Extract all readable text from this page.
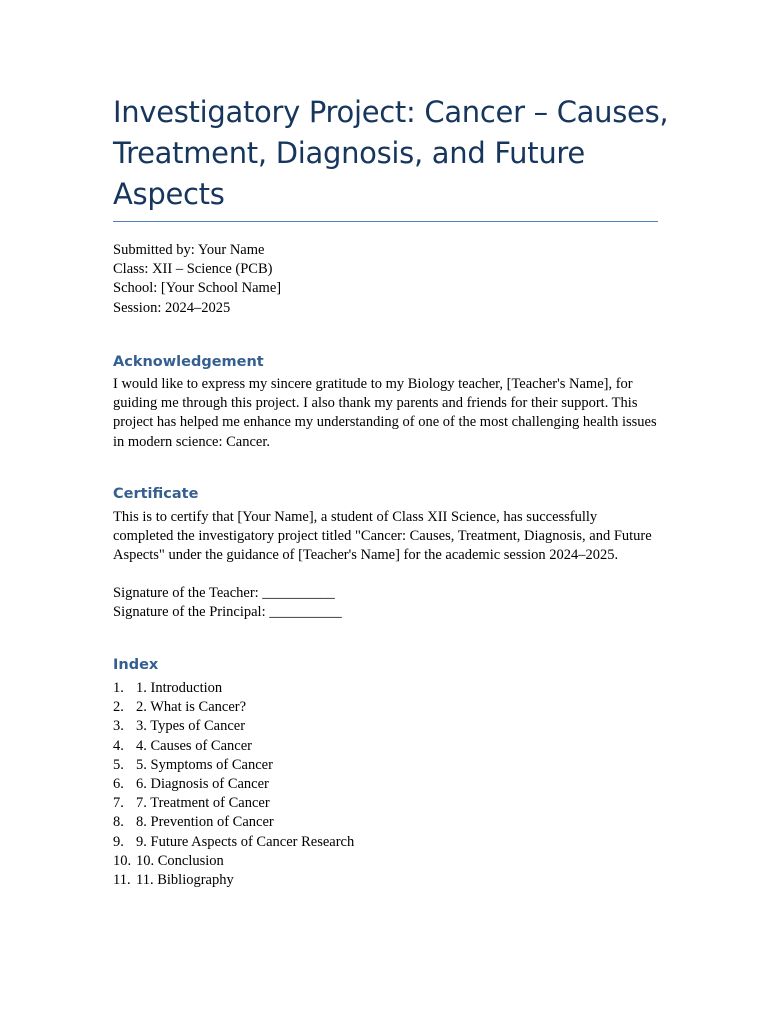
Investigatory Project: Cancer – Causes, Treatment, Diagnosis, and Future Aspects
Submitted by: Your Name
Class: XII – Science (PCB)
School: [Your School Name]
Session: 2024–2025
Acknowledgement

I would like to express my sincere gratitude to my Biology teacher, [Teacher's Name], for guiding me through this project. I also thank my parents and friends for their support. This project has helped me enhance my understanding of one of the most challenging health issues in modern science: Cancer.

Certificate

This is to certify that [Your Name], a student of Class XII Science, has successfully completed the investigatory project titled "Cancer: Causes, Treatment, Diagnosis, and Future Aspects" under the guidance of [Teacher's Name] for the academic session 2024–2025.

Signature of the Teacher: __________
Signature of the Principal: __________
Index
1. 1. Introduction
2. 2. What is Cancer?
3. 3. Types of Cancer
4. 4. Causes of Cancer
5. 5. Symptoms of Cancer
6. 6. Diagnosis of Cancer
7. 7. Treatment of Cancer
8. 8. Prevention of Cancer
9. 9. Future Aspects of Cancer Research
10. 10. Conclusion
11. 11. Bibliography
